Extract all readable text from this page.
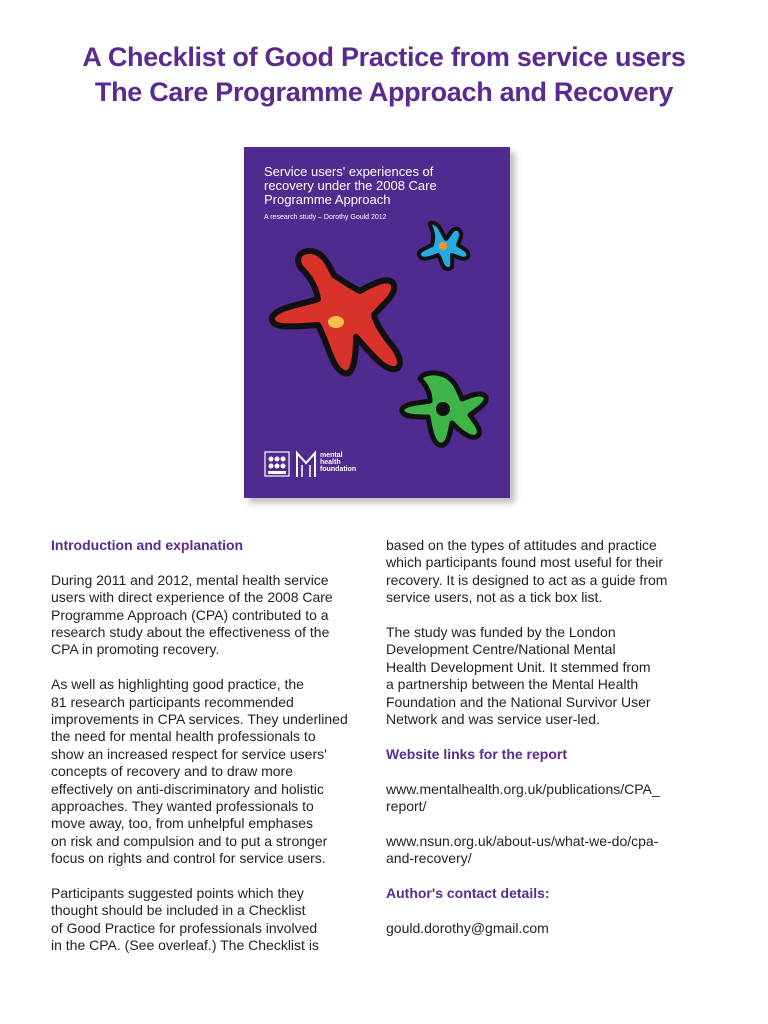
A Checklist of Good Practice from service users
The Care Programme Approach and Recovery
Service users' experiences of
recovery under the 2008 Care
Programme Approach
A research study – Dorothy Gould 2012
mental
health
foundation
Introduction and explanation
During 2011 and 2012, mental health service
users with direct experience of the 2008 Care
Programme Approach (CPA) contributed to a
research study about the effectiveness of the
CPA in promoting recovery.
As well as highlighting good practice, the
81 research participants recommended
improvements in CPA services. They underlined
the need for mental health professionals to
show an increased respect for service users'
concepts of recovery and to draw more
effectively on anti-discriminatory and holistic
approaches. They wanted professionals to
move away, too, from unhelpful emphases
on risk and compulsion and to put a stronger
focus on rights and control for service users.
Participants suggested points which they
thought should be included in a Checklist
of Good Practice for professionals involved
in the CPA. (See overleaf.) The Checklist is
based on the types of attitudes and practice
which participants found most useful for their
recovery. It is designed to act as a guide from
service users, not as a tick box list.
The study was funded by the London
Development Centre/National Mental
Health Development Unit. It stemmed from
a partnership between the Mental Health
Foundation and the National Survivor User
Network and was service user-led.
Website links for the report
www.mentalhealth.org.uk/publications/CPA_
report/
www.nsun.org.uk/about-us/what-we-do/cpa-
and-recovery/
Author's contact details:
gould.dorothy@gmail.com
